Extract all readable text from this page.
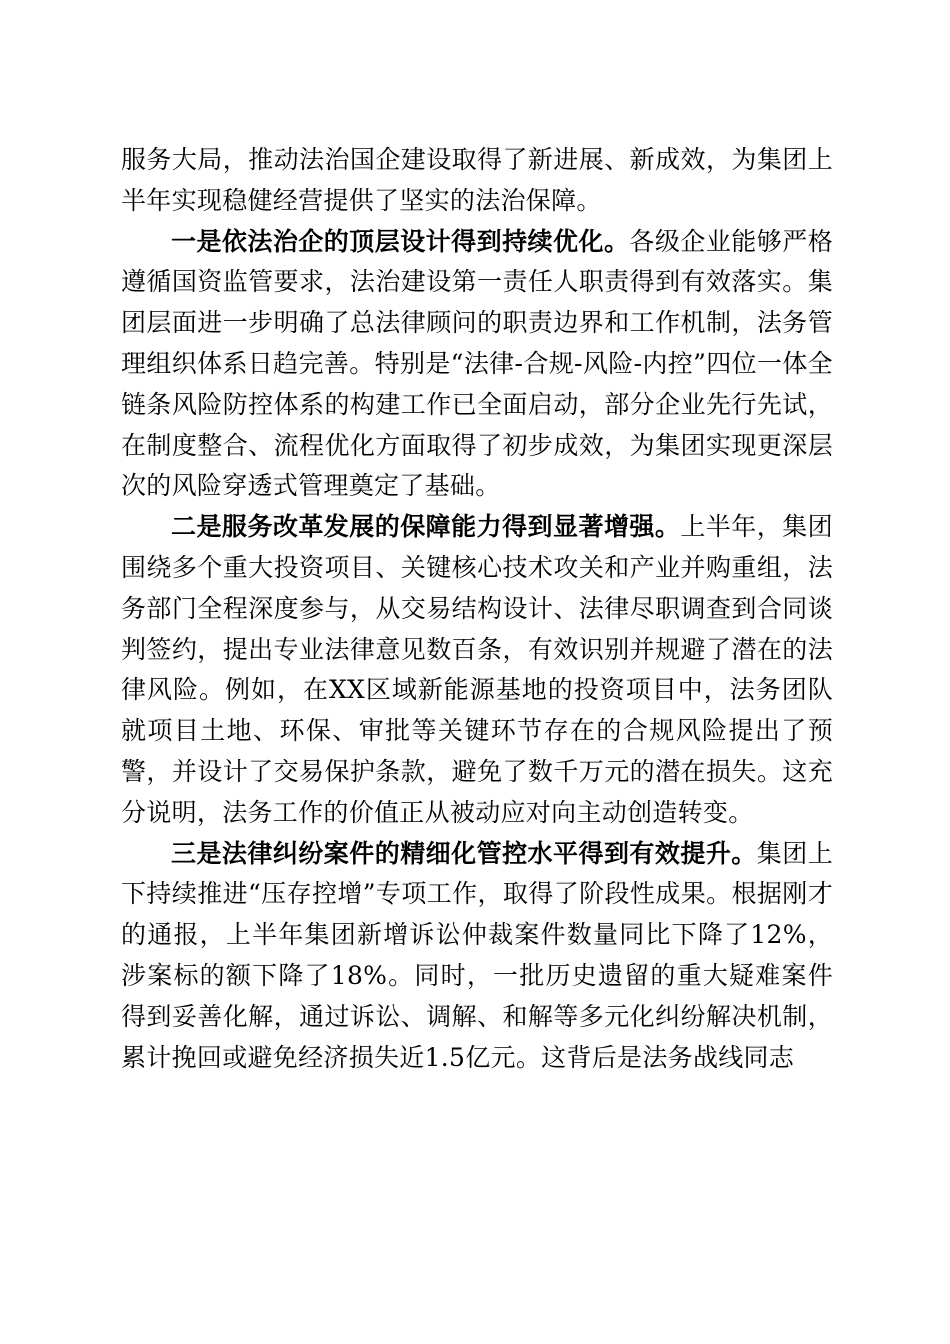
服务大局，推动法治国企建设取得了新进展、新成效，为集团上半年实现稳健经营提供了坚实的法治保障。

一是依法治企的顶层设计得到持续优化。各级企业能够严格遵循国资监管要求，法治建设第一责任人职责得到有效落实。集团层面进一步明确了总法律顾问的职责边界和工作机制，法务管理组织体系日趋完善。特别是“法律-合规-风险-内控”四位一体全链条风险防控体系的构建工作已全面启动，部分企业先行先试，在制度整合、流程优化方面取得了初步成效，为集团实现更深层次的风险穿透式管理奠定了基础。

二是服务改革发展的保障能力得到显著增强。上半年，集团围绕多个重大投资项目、关键核心技术攻关和产业并购重组，法务部门全程深度参与，从交易结构设计、法律尽职调查到合同谈判签约，提出专业法律意见数百条，有效识别并规避了潜在的法律风险。例如，在XX区域新能源基地的投资项目中，法务团队就项目土地、环保、审批等关键环节存在的合规风险提出了预警，并设计了交易保护条款，避免了数千万元的潜在损失。这充分说明，法务工作的价值正从被动应对向主动创造转变。

三是法律纠纷案件的精细化管控水平得到有效提升。集团上下持续推进“压存控增”专项工作，取得了阶段性成果。根据刚才的通报，上半年集团新增诉讼仲裁案件数量同比下降了12%，涉案标的额下降了18%。同时，一批历史遗留的重大疑难案件得到妥善化解，通过诉讼、调解、和解等多元化纠纷解决机制，累计挽回或避免经济损失近1.5亿元。这背后是法务战线同志
